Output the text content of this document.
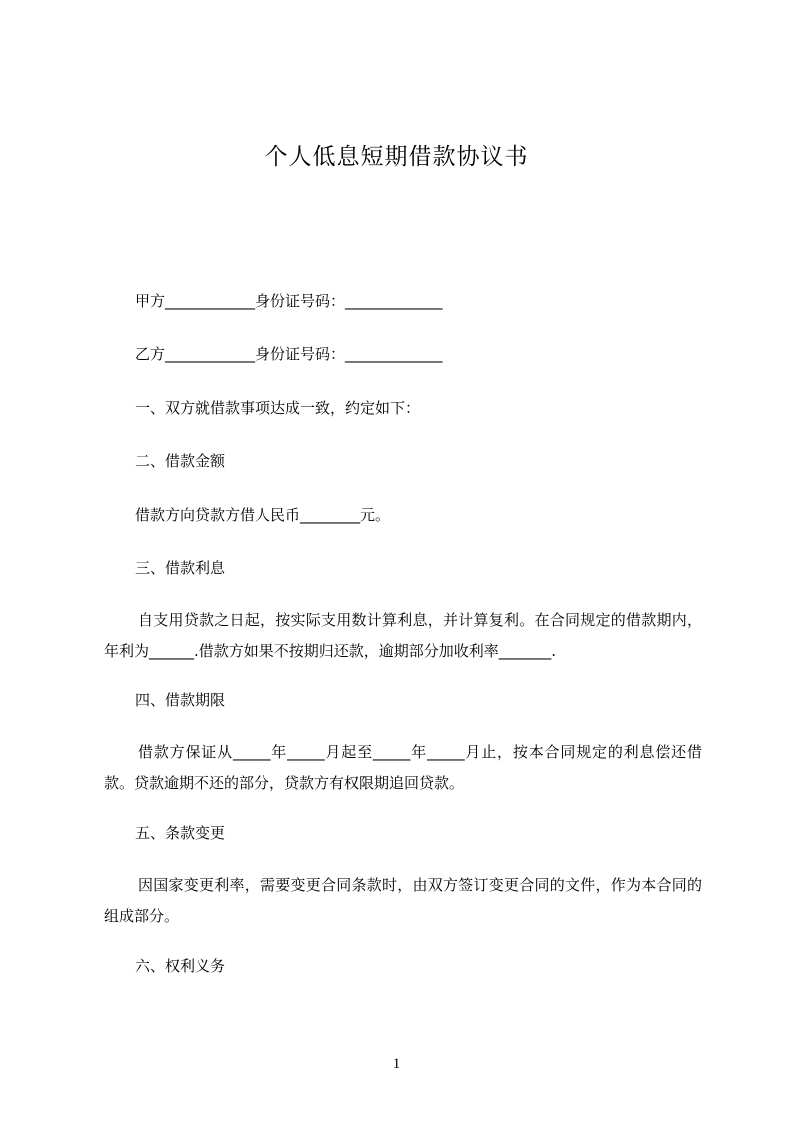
个人低息短期借款协议书
甲方____________身份证号码：_____________
乙方____________身份证号码：_____________
一、双方就借款事项达成一致，约定如下：
二、借款金额
借款方向贷款方借人民币________元。
三、借款利息
自支用贷款之日起，按实际支用数计算利息，并计算复利。在合同规定的借款期内，年利为______.借款方如果不按期归还款，逾期部分加收利率_______.
四、借款期限
借款方保证从_____年_____月起至_____年_____月止，按本合同规定的利息偿还借款。贷款逾期不还的部分，贷款方有权限期追回贷款。
五、条款变更
因国家变更利率，需要变更合同条款时，由双方签订变更合同的文件，作为本合同的组成部分。
六、权利义务
1
